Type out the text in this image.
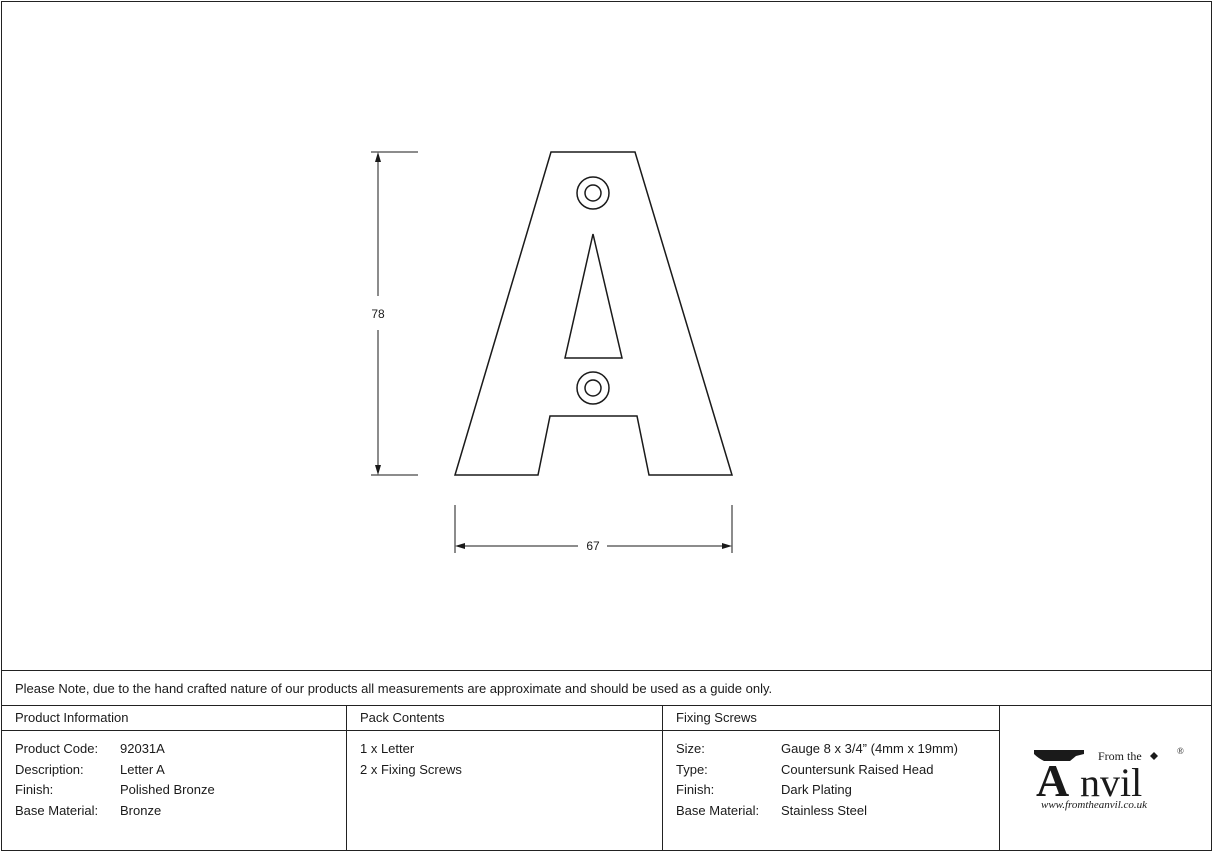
78
67
Please Note, due to the hand crafted nature of our products all measurements are approximate and should be used as a guide only.
Product Information
Product Code:	92031A
Description:	Letter A
Finish:	Polished Bronze
Base Material:	Bronze
Pack Contents
1 x Letter
2 x Fixing Screws
Fixing Screws
Size:	Gauge 8 x 3/4” (4mm x 19mm)
Type:	Countersunk Raised Head
Finish:	Dark Plating
Base Material:	Stainless Steel
From the	®
A nvil
www.fromtheanvil.co.uk
